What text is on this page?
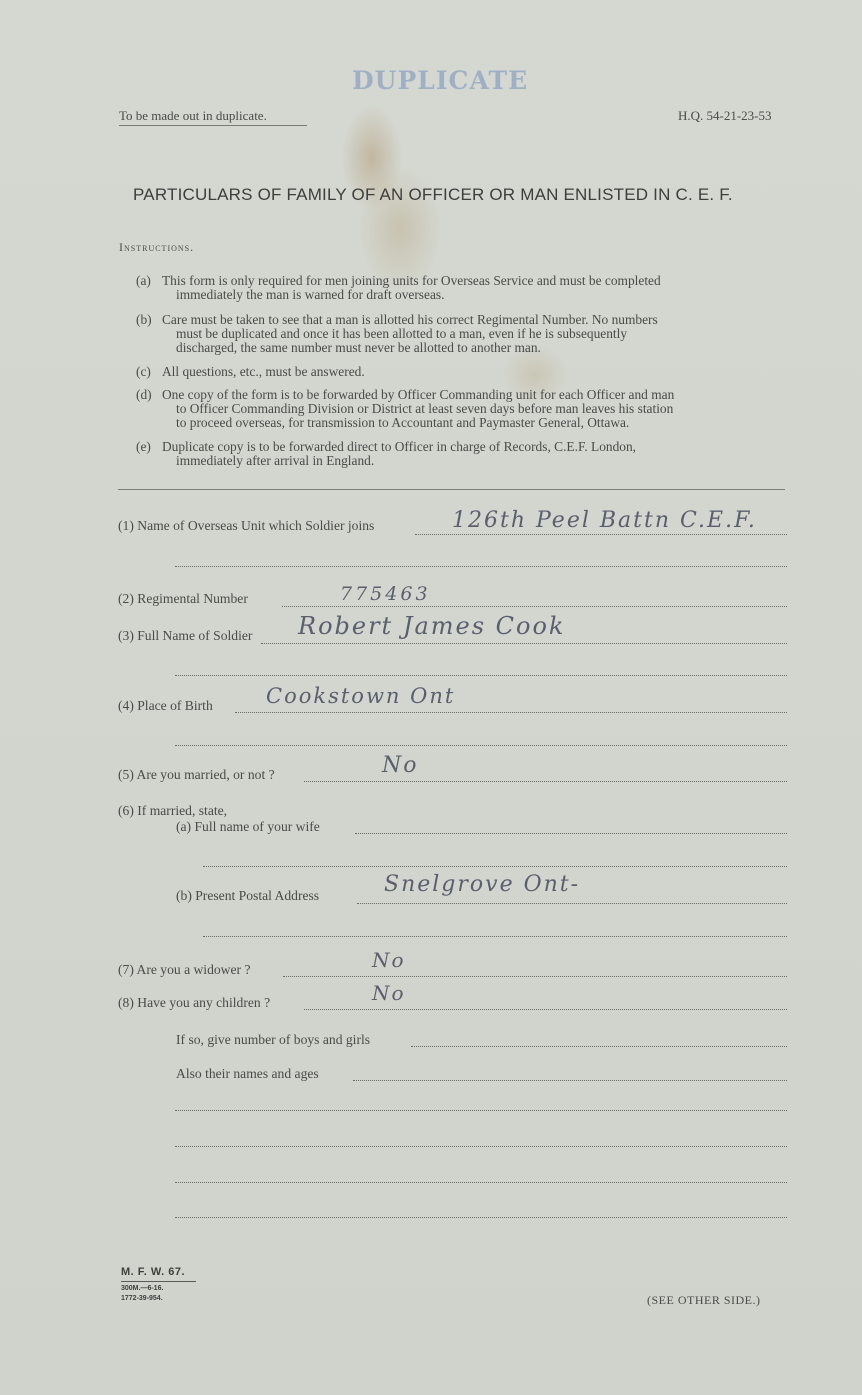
DUPLICATE
To be made out in duplicate.	H.Q. 54-21-23-53
PARTICULARS OF FAMILY OF AN OFFICER OR MAN ENLISTED IN C. E. F.
Instructions.
(a) This form is only required for men joining units for Overseas Service and must be completed
immediately the man is warned for draft overseas.
(b) Care must be taken to see that a man is allotted his correct Regimental Number. No numbers
must be duplicated and once it has been allotted to a man, even if he is subsequently
discharged, the same number must never be allotted to another man.
(c) All questions, etc., must be answered.
(d) One copy of the form is to be forwarded by Officer Commanding unit for each Officer and man
to Officer Commanding Division or District at least seven days before man leaves his station
to proceed overseas, for transmission to Accountant and Paymaster General, Ottawa.
(e) Duplicate copy is to be forwarded direct to Officer in charge of Records, C.E.F. London,
immediately after arrival in England.
(1) Name of Overseas Unit which Soldier joins	126th Peel Battn C.E.F.
(2) Regimental Number	775463
(3) Full Name of Soldier Robert James Cook
(4) Place of Birth	Cookstown Ont
(5) Are you married, or not ?	No
(6) If married, state,
(a) Full name of your wife
(b) Present Postal Address	Snelgrove Ont-
(7) Are you a widower ?	No
(8) Have you any children ?	No
If so, give number of boys and girls
Also their names and ages
M. F. W. 67.
300M.—6-16.
1772-39-954.	(SEE OTHER SIDE.)
